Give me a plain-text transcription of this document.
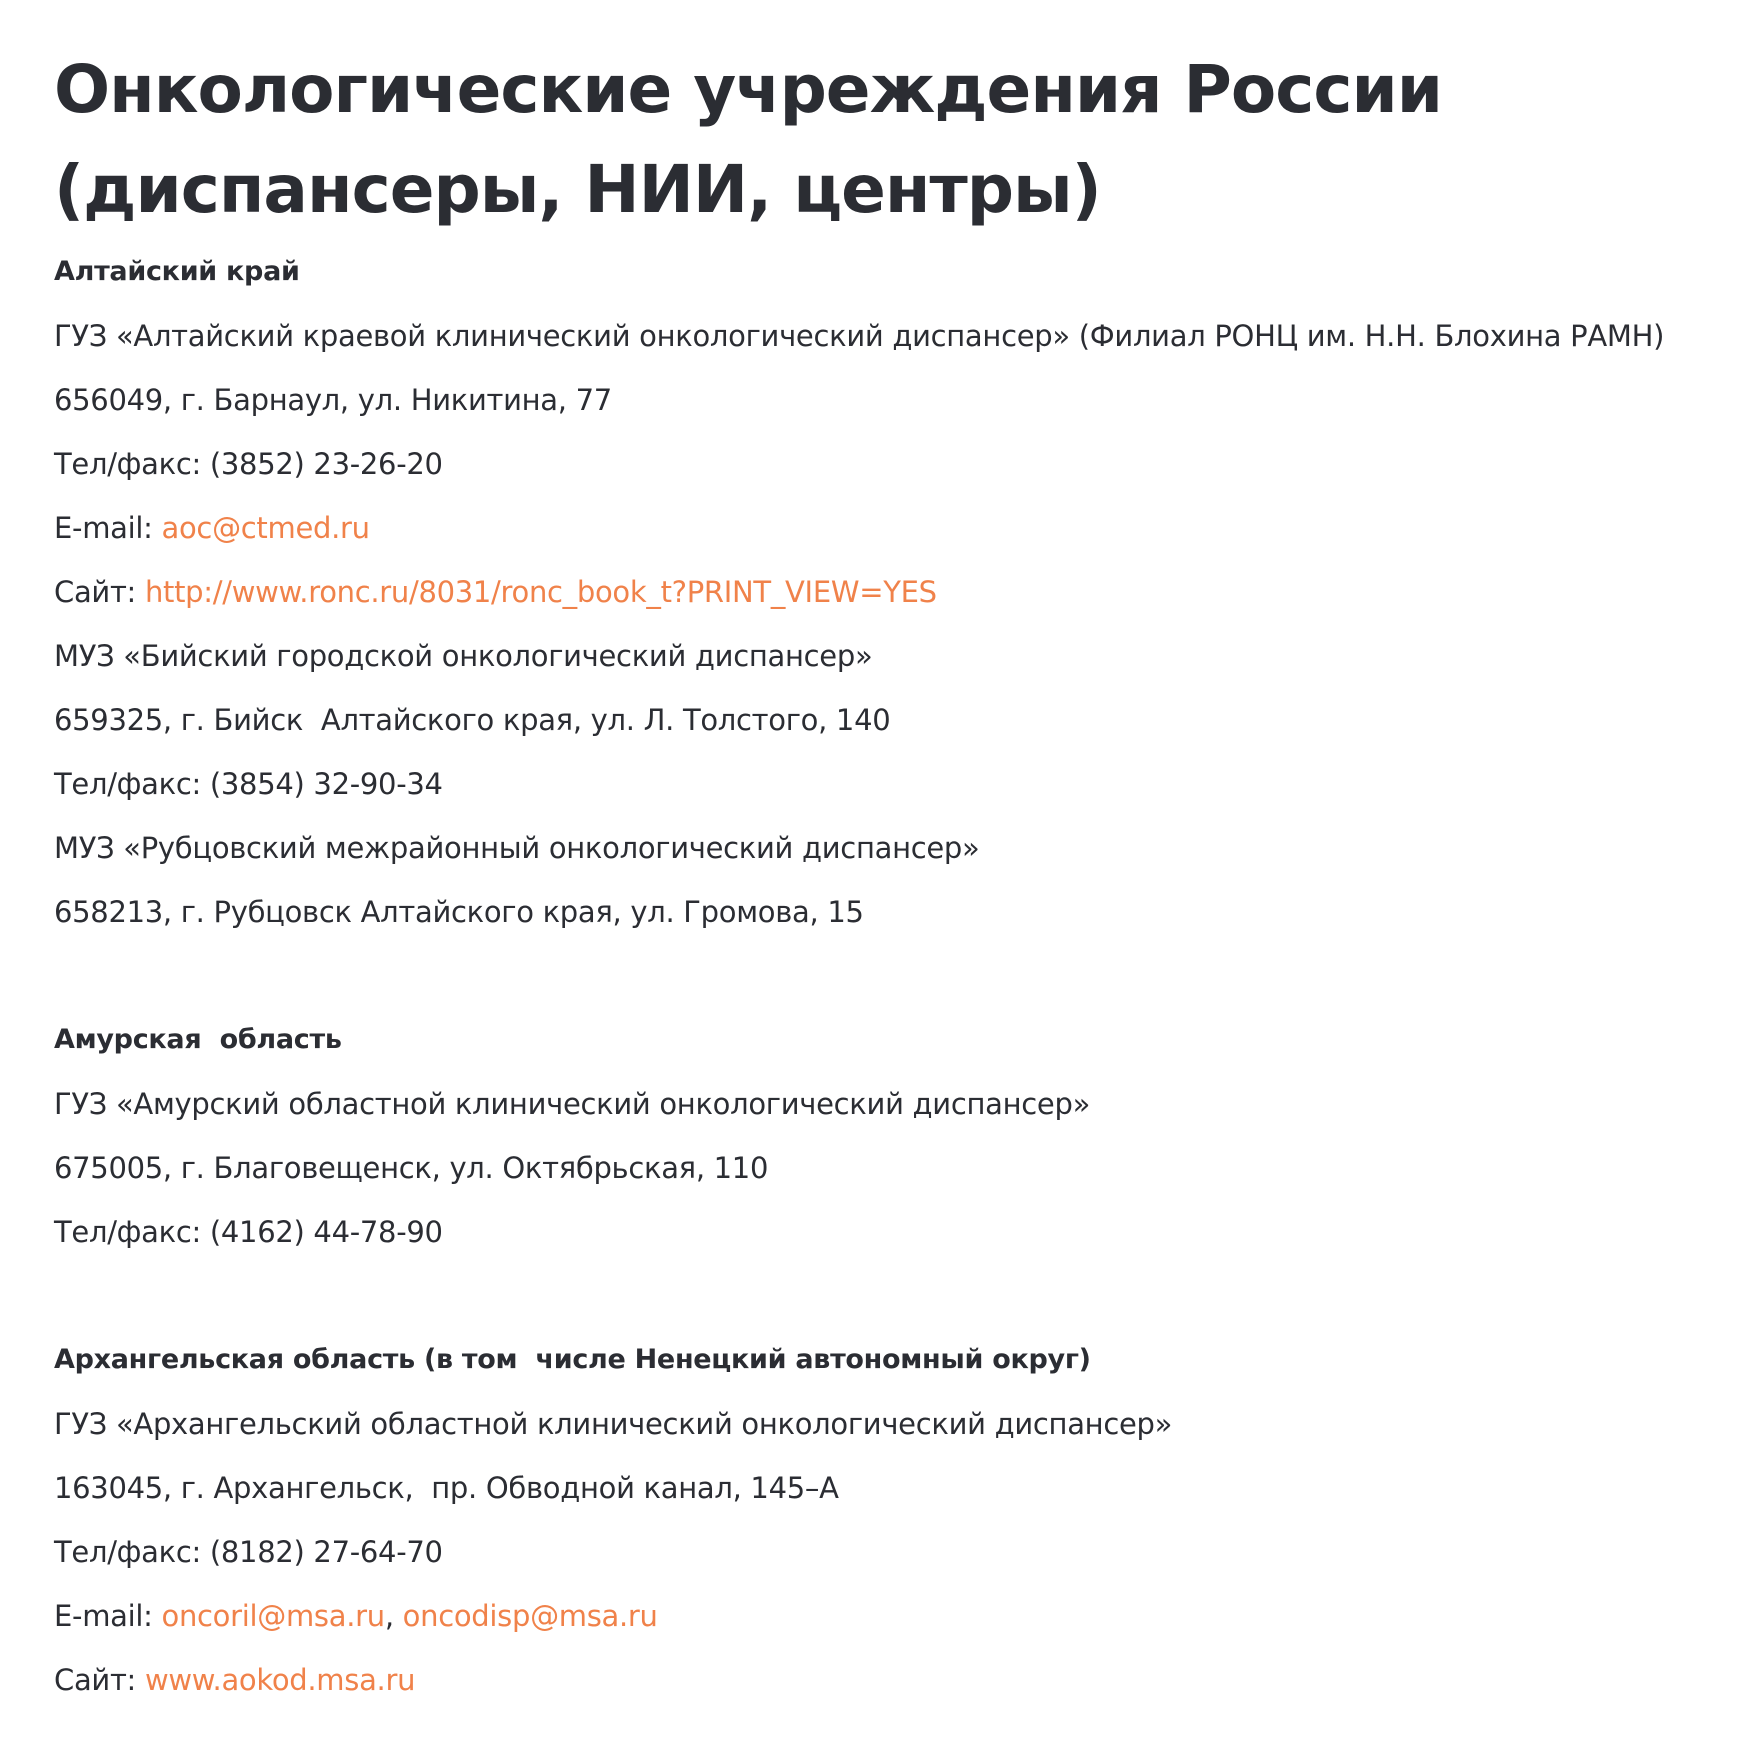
Онкологические учреждения России (диспансеры, НИИ, центры)

Алтайский край

ГУЗ «Алтайский краевой клинический онкологический диспансер» (Филиал РОНЦ им. Н.Н. Блохина РАМН)

656049, г. Барнаул, ул. Никитина, 77

Тел/факс: (3852) 23-26-20

E-mail: aoc@ctmed.ru

Сайт: http://www.ronc.ru/8031/ronc_book_t?PRINT_VIEW=YES

МУЗ «Бийский городской онкологический диспансер»

659325, г. Бийск  Алтайского края, ул. Л. Толстого, 140

Тел/факс: (3854) 32-90-34

МУЗ «Рубцовский межрайонный онкологический диспансер»

658213, г. Рубцовск Алтайского края, ул. Громова, 15

Амурская  область

ГУЗ «Амурский областной клинический онкологический диспансер»

675005, г. Благовещенск, ул. Октябрьская, 110

Тел/факс: (4162) 44-78-90

Архангельская область (в том  числе Ненецкий автономный округ)

ГУЗ «Архангельский областной клинический онкологический диспансер»

163045, г. Архангельск,  пр. Обводной канал, 145–А

Тел/факс: (8182) 27-64-70

E-mail: oncoril@msa.ru, oncodisp@msa.ru

Сайт: www.aokod.msa.ru
